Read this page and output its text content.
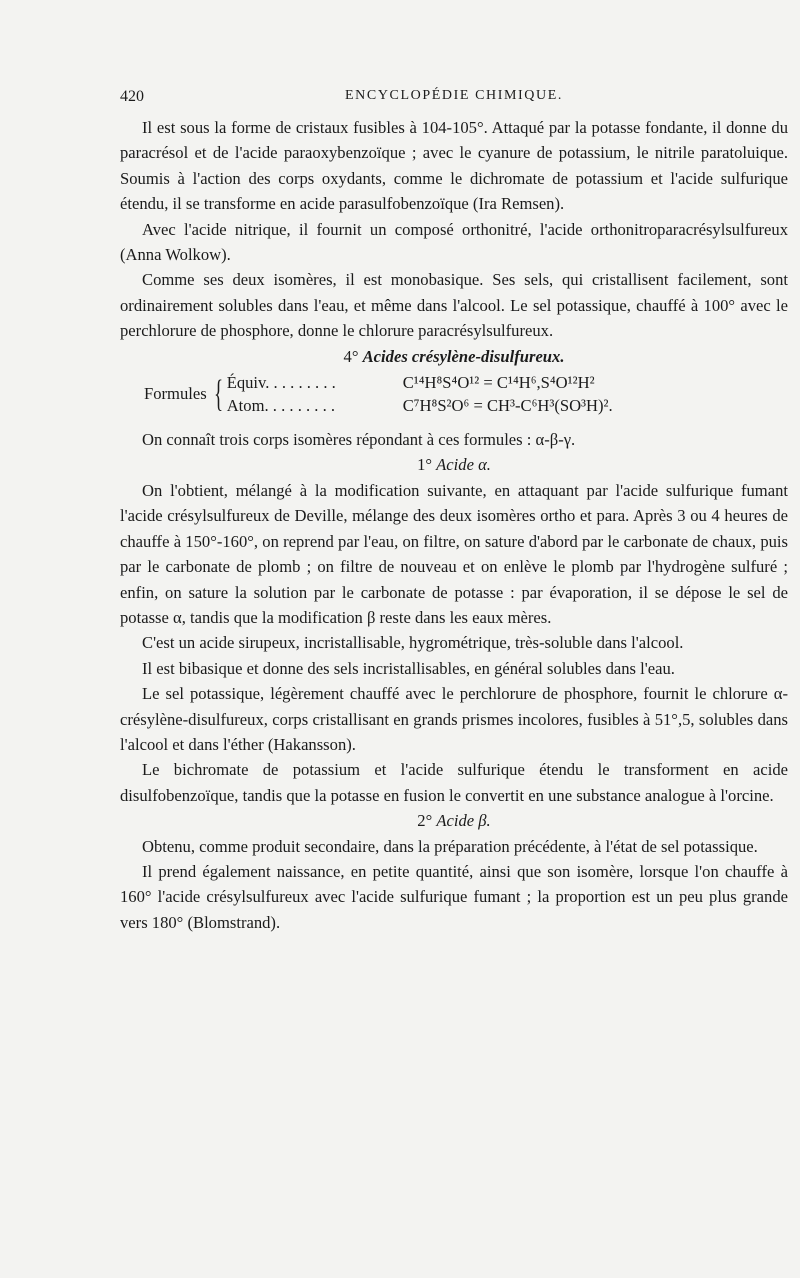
420	ENCYCLOPÉDIE CHIMIQUE.

Il est sous la forme de cristaux fusibles à 104-105°. Attaqué par la potasse fondante, il donne du paracrésol et de l'acide paraoxybenzoïque ; avec le cyanure de potassium, le nitrile paratoluique. Soumis à l'action des corps oxydants, comme le dichromate de potassium et l'acide sulfurique étendu, il se transforme en acide parasulfobenzoïque (Ira Remsen).

Avec l'acide nitrique, il fournit un composé orthonitré, l'acide orthonitroparacrésylsulfureux (Anna Wolkow).

Comme ses deux isomères, il est monobasique. Ses sels, qui cristallisent facilement, sont ordinairement solubles dans l'eau, et même dans l'alcool. Le sel potassique, chauffé à 100° avec le perchlorure de phosphore, donne le chlorure paracrésylsulfureux.

4° Acides crésylène-disulfureux.

Formules { Équiv. . . . . . . . .	C¹⁴H⁸S⁴O¹² = C¹⁴H⁶,S⁴O¹²H²
Atom. . . . . . . . .	C⁷H⁸S²O⁶ = CH³-C⁶H³(SO³H)².

On connaît trois corps isomères répondant à ces formules : α-β-γ.

1° Acide α.

On l'obtient, mélangé à la modification suivante, en attaquant par l'acide sulfurique fumant l'acide crésylsulfureux de Deville, mélange des deux isomères ortho et para. Après 3 ou 4 heures de chauffe à 150°-160°, on reprend par l'eau, on filtre, on sature d'abord par le carbonate de chaux, puis par le carbonate de plomb ; on filtre de nouveau et on enlève le plomb par l'hydrogène sulfuré ; enfin, on sature la solution par le carbonate de potasse : par évaporation, il se dépose le sel de potasse α, tandis que la modification β reste dans les eaux mères.

C'est un acide sirupeux, incristallisable, hygrométrique, très-soluble dans l'alcool.

Il est bibasique et donne des sels incristallisables, en général solubles dans l'eau.

Le sel potassique, légèrement chauffé avec le perchlorure de phosphore, fournit le chlorure α-crésylène-disulfureux, corps cristallisant en grands prismes incolores, fusibles à 51°,5, solubles dans l'alcool et dans l'éther (Hakansson).

Le bichromate de potassium et l'acide sulfurique étendu le transforment en acide disulfobenzoïque, tandis que la potasse en fusion le convertit en une substance analogue à l'orcine.

2° Acide β.

Obtenu, comme produit secondaire, dans la préparation précédente, à l'état de sel potassique.

Il prend également naissance, en petite quantité, ainsi que son isomère, lorsque l'on chauffe à 160° l'acide crésylsulfureux avec l'acide sulfurique fumant ; la proportion est un peu plus grande vers 180° (Blomstrand).
